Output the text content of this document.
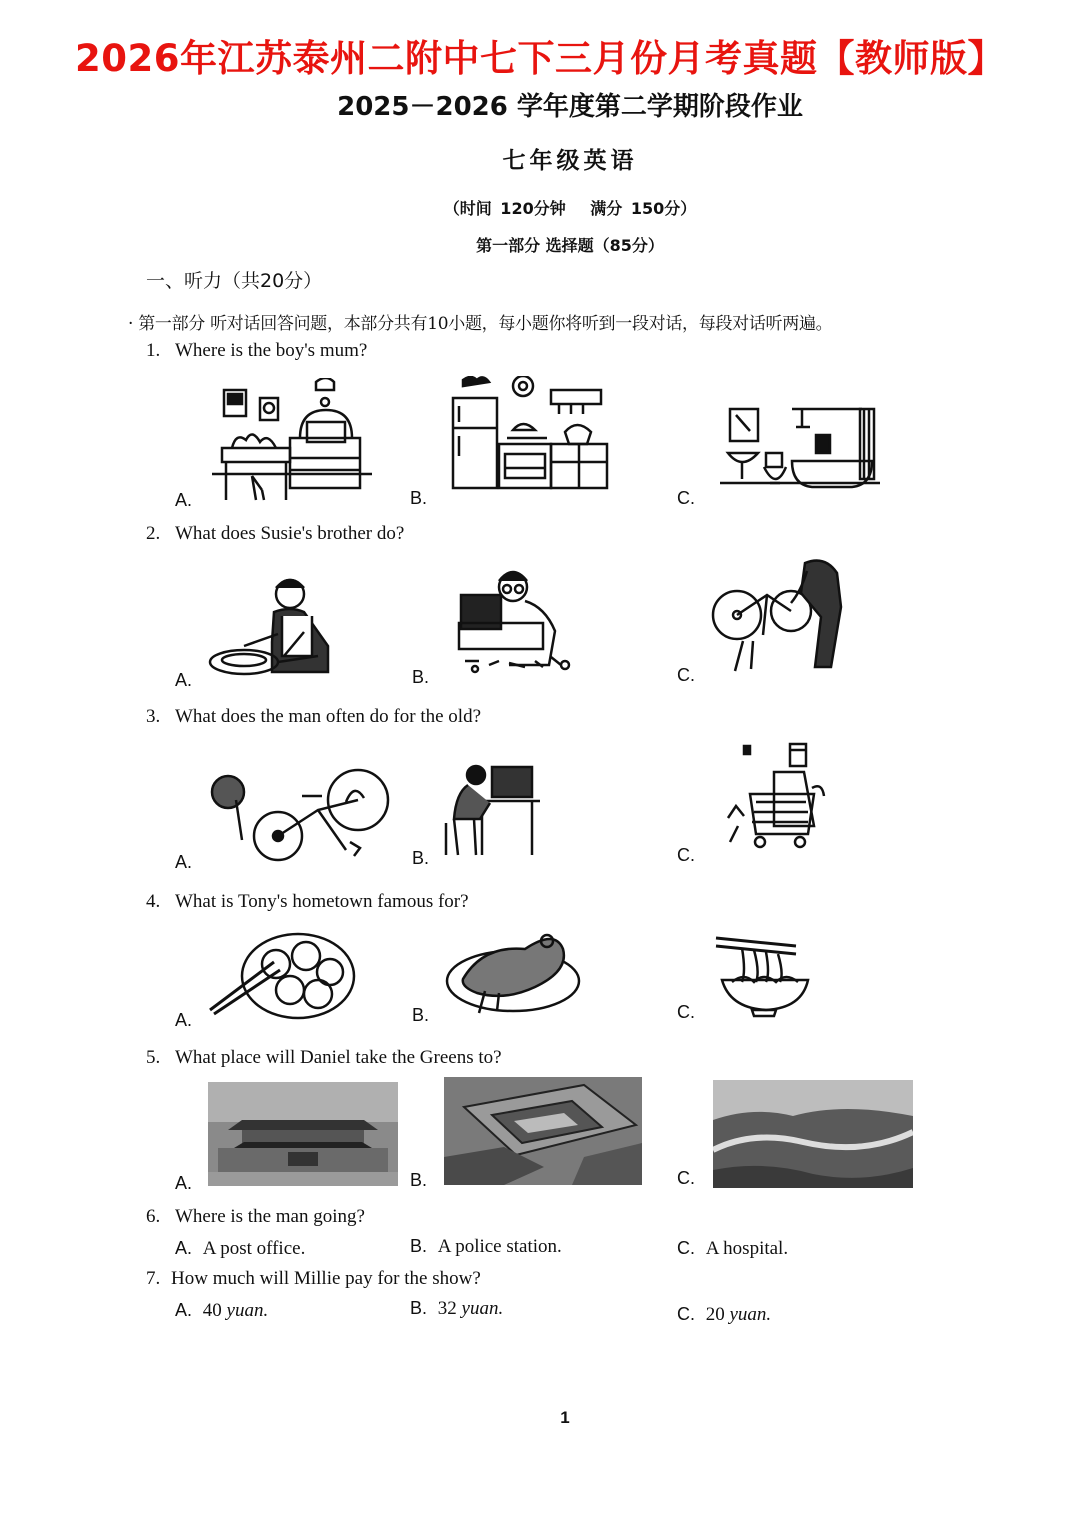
2026年江苏泰州二附中七下三月份月考真题【教师版】
2025－2026 学年度第二学期阶段作业
七年级英语
（时间 120分钟　 满分 150分）
第一部分 选择题（85分）
一、听力（共20分）
· 第一部分 听对话回答问题，本部分共有10小题，每小题你将听到一段对话，每段对话听两遍。
1. Where is the boy's mum?
A.	B.	C.
2. What does Susie's brother do?
A.	B.	C.
3. What does the man often do for the old?
A.	B.	C.
4. What is Tony's hometown famous for?
A.	B.	C.
5. What place will Daniel take the Greens to?
A.	B.	C.
6. Where is the man going?
A. A post office.	B. A police station.	C. A hospital.
7. How much will Millie pay for the show?
A. 40 yuan.	B. 32 yuan.	C. 20 yuan.
1
